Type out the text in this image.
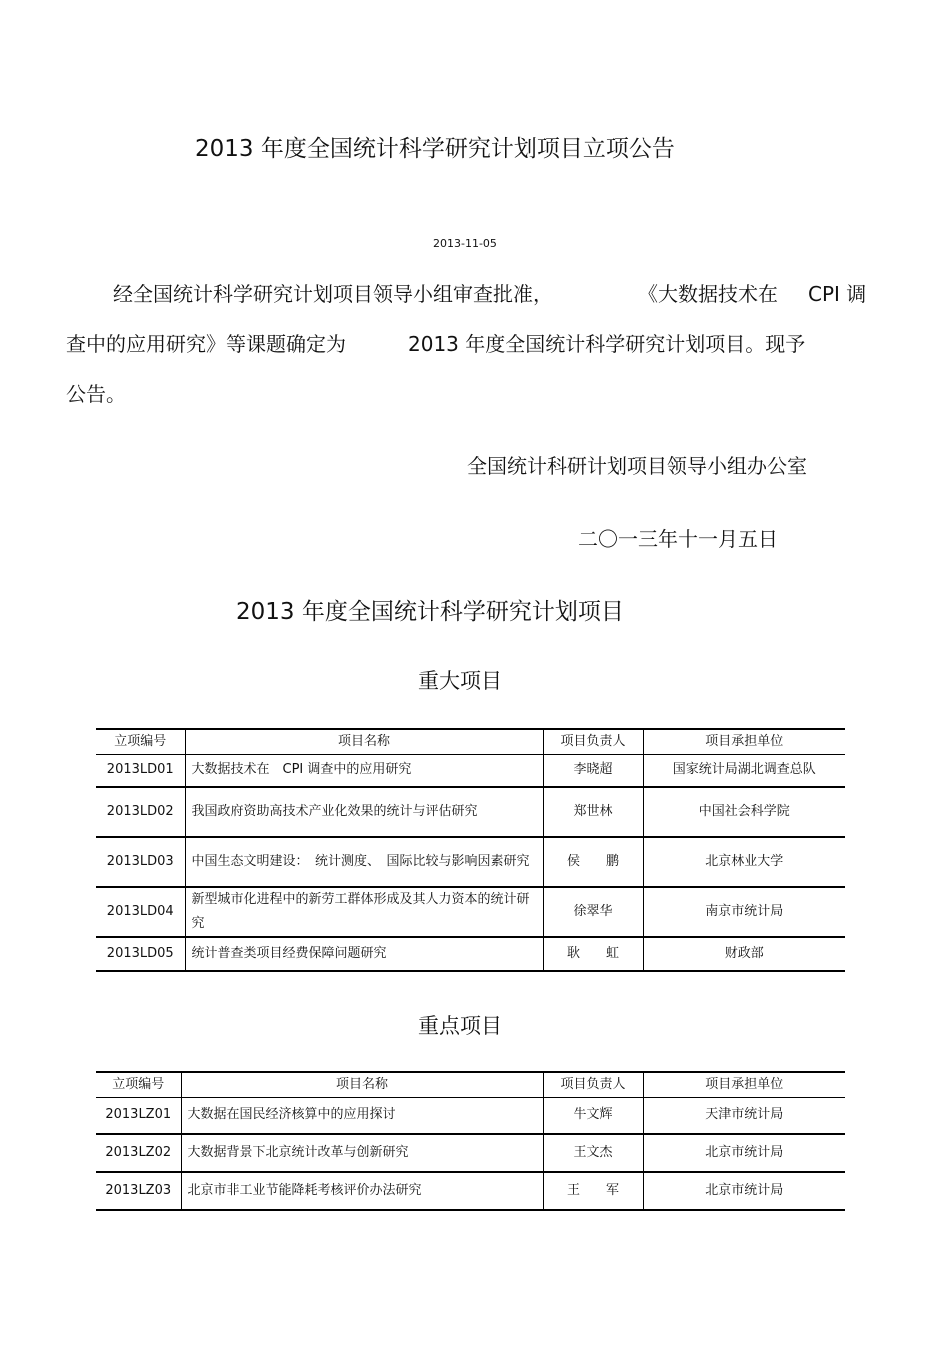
2013 年度全国统计科学研究计划项目立项公告
2013-11-05
经全国统计科学研究计划项目领导小组审查批准，	《大数据技术在 CPI 调
查中的应用研究》等课题确定为	2013 年度全国统计科学研究计划项目。现予
公告。
全国统计科研计划项目领导小组办公室
二〇一三年十一月五日
2013 年度全国统计科学研究计划项目
重大项目
立项编号	项目名称	项目负责人	项目承担单位
2013LD01	大数据技术在　CPI 调查中的应用研究	李晓超	国家统计局湖北调查总队
2013LD02	我国政府资助高技术产业化效果的统计与评估研究	郑世林	中国社会科学院
2013LD03	中国生态文明建设：　统计测度、　国际比较与影响因素研究	侯　　鹏	北京林业大学
2013LD04	新型城市化进程中的新劳工群体形成及其人力资本的统计研究	徐翠华	南京市统计局
2013LD05	统计普查类项目经费保障问题研究	耿　　虹	财政部
重点项目
立项编号	项目名称	项目负责人	项目承担单位
2013LZ01	大数据在国民经济核算中的应用探讨	牛文辉	天津市统计局
2013LZ02	大数据背景下北京统计改革与创新研究	王文杰	北京市统计局
2013LZ03	北京市非工业节能降耗考核评价办法研究	王　　军	北京市统计局
